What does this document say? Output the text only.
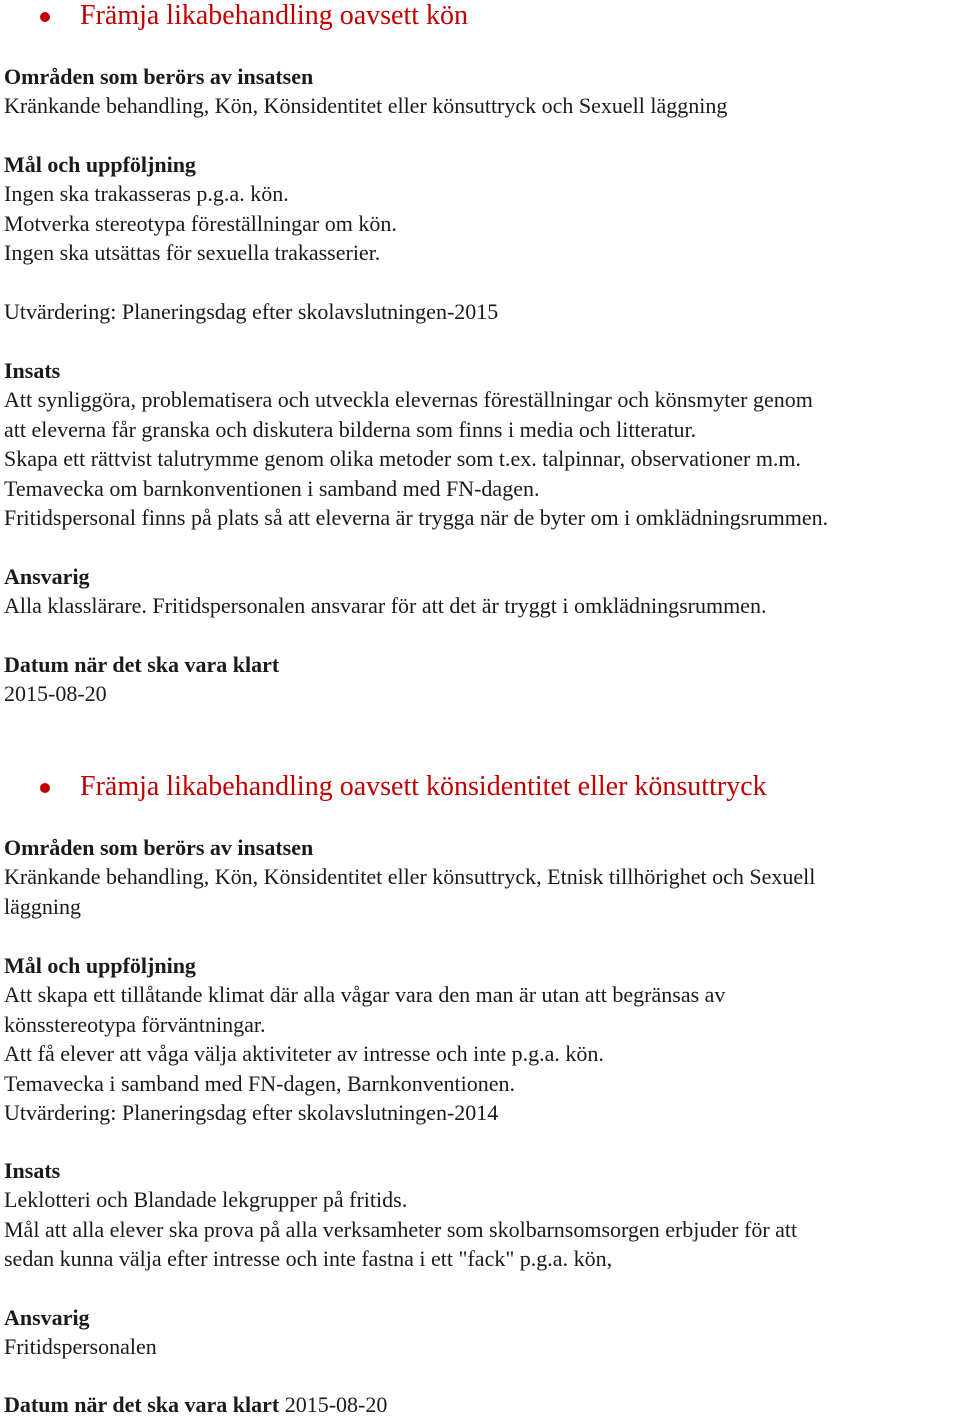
Främja likabehandling oavsett kön
Områden som berörs av insatsen
Kränkande behandling, Kön, Könsidentitet eller könsuttryck och Sexuell läggning
Mål och uppföljning
Ingen ska trakasseras p.g.a. kön.
Motverka stereotypa föreställningar om kön.
Ingen ska utsättas för sexuella trakasserier.
Utvärdering: Planeringsdag efter skolavslutningen-2015
Insats
Att synliggöra, problematisera och utveckla elevernas föreställningar och könsmyter genom
att eleverna får granska och diskutera bilderna som finns i media och litteratur.
Skapa ett rättvist talutrymme genom olika metoder som t.ex. talpinnar, observationer m.m.
Temavecka om barnkonventionen i samband med FN-dagen.
Fritidspersonal finns på plats så att eleverna är trygga när de byter om i omklädningsrummen.
Ansvarig
Alla klasslärare. Fritidspersonalen ansvarar för att det är tryggt i omklädningsrummen.
Datum när det ska vara klart
2015-08-20
Främja likabehandling oavsett könsidentitet eller könsuttryck
Områden som berörs av insatsen
Kränkande behandling, Kön, Könsidentitet eller könsuttryck, Etnisk tillhörighet och Sexuell
läggning
Mål och uppföljning
Att skapa ett tillåtande klimat där alla vågar vara den man är utan att begränsas av
könsstereotypa förväntningar.
Att få elever att våga välja aktiviteter av intresse och inte p.g.a. kön.
Temavecka i samband med FN-dagen, Barnkonventionen.
Utvärdering: Planeringsdag efter skolavslutningen-2014
Insats
Leklotteri och Blandade lekgrupper på fritids.
Mål att alla elever ska prova på alla verksamheter som skolbarnsomsorgen erbjuder för att
sedan kunna välja efter intresse och inte fastna i ett "fack" p.g.a. kön,
Ansvarig
Fritidspersonalen
Datum när det ska vara klart 2015-08-20
